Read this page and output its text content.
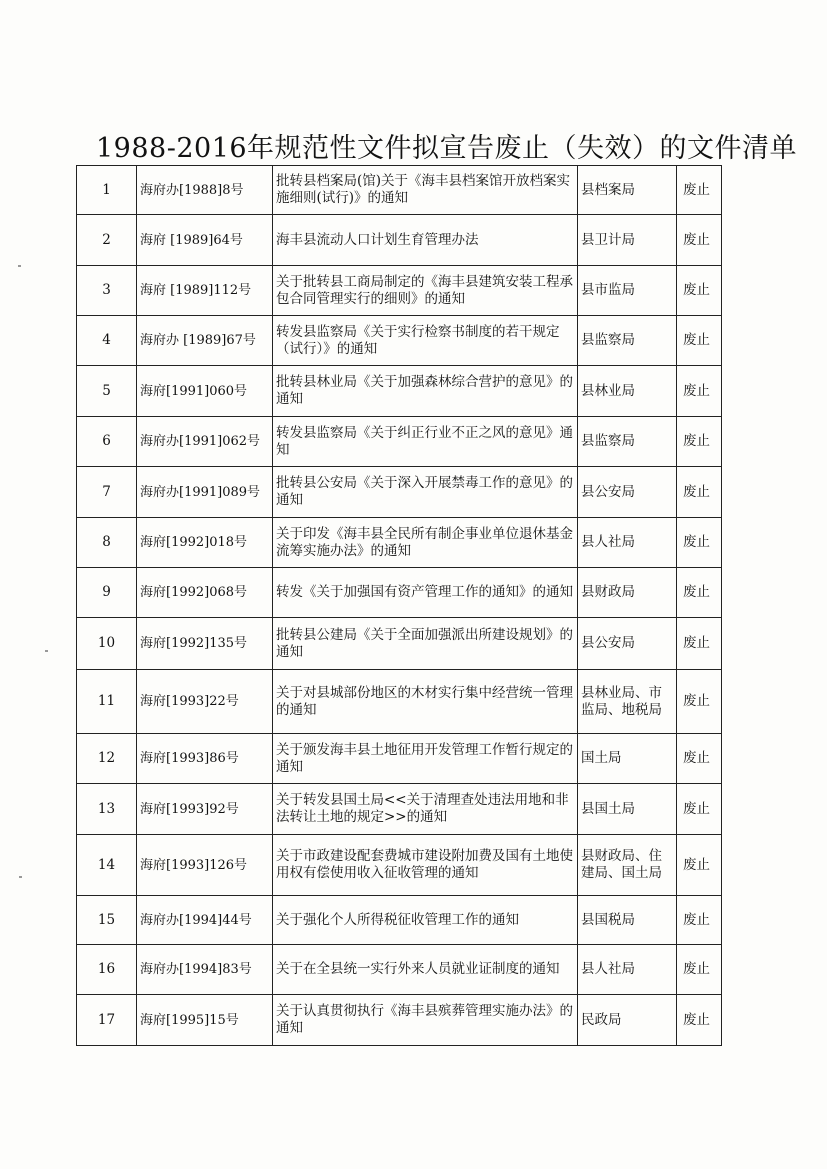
1988-2016年规范性文件拟宣告废止（失效）的文件清单
1	海府办[1988]8号	批转县档案局(馆)关于《海丰县档案馆开放档案实施细则(试行)》的通知	县档案局	废止
2	海府 [1989]64号	海丰县流动人口计划生育管理办法	县卫计局	废止
3	海府 [1989]112号	关于批转县工商局制定的《海丰县建筑安装工程承包合同管理实行的细则》的通知	县市监局	废止
4	海府办 [1989]67号	转发县监察局《关于实行检察书制度的若干规定（试行）》的通知	县监察局	废止
5	海府[1991]060号	批转县林业局《关于加强森林综合营护的意见》的通知	县林业局	废止
6	海府办[1991]062号	转发县监察局《关于纠正行业不正之风的意见》通知	县监察局	废止
7	海府办[1991]089号	批转县公安局《关于深入开展禁毒工作的意见》的通知	县公安局	废止
8	海府[1992]018号	关于印发《海丰县全民所有制企事业单位退休基金流筹实施办法》的通知	县人社局	废止
9	海府[1992]068号	转发《关于加强国有资产管理工作的通知》的通知	县财政局	废止
10	海府[1992]135号	批转县公建局《关于全面加强派出所建设规划》的通知	县公安局	废止
11	海府[1993]22号	关于对县城部份地区的木材实行集中经营统一管理的通知	县林业局、市监局、地税局	废止
12	海府[1993]86号	关于颁发海丰县土地征用开发管理工作暂行规定的通知	国土局	废止
13	海府[1993]92号	关于转发县国土局<<关于清理查处违法用地和非法转让土地的规定>>的通知	县国土局	废止
14	海府[1993]126号	关于市政建设配套费城市建设附加费及国有土地使用权有偿使用收入征收管理的通知	县财政局、住建局、国土局	废止
15	海府办[1994]44号	关于强化个人所得税征收管理工作的通知	县国税局	废止
16	海府办[1994]83号	关于在全县统一实行外来人员就业证制度的通知	县人社局	废止
17	海府[1995]15号	关于认真贯彻执行《海丰县殡葬管理实施办法》的通知	民政局	废止
